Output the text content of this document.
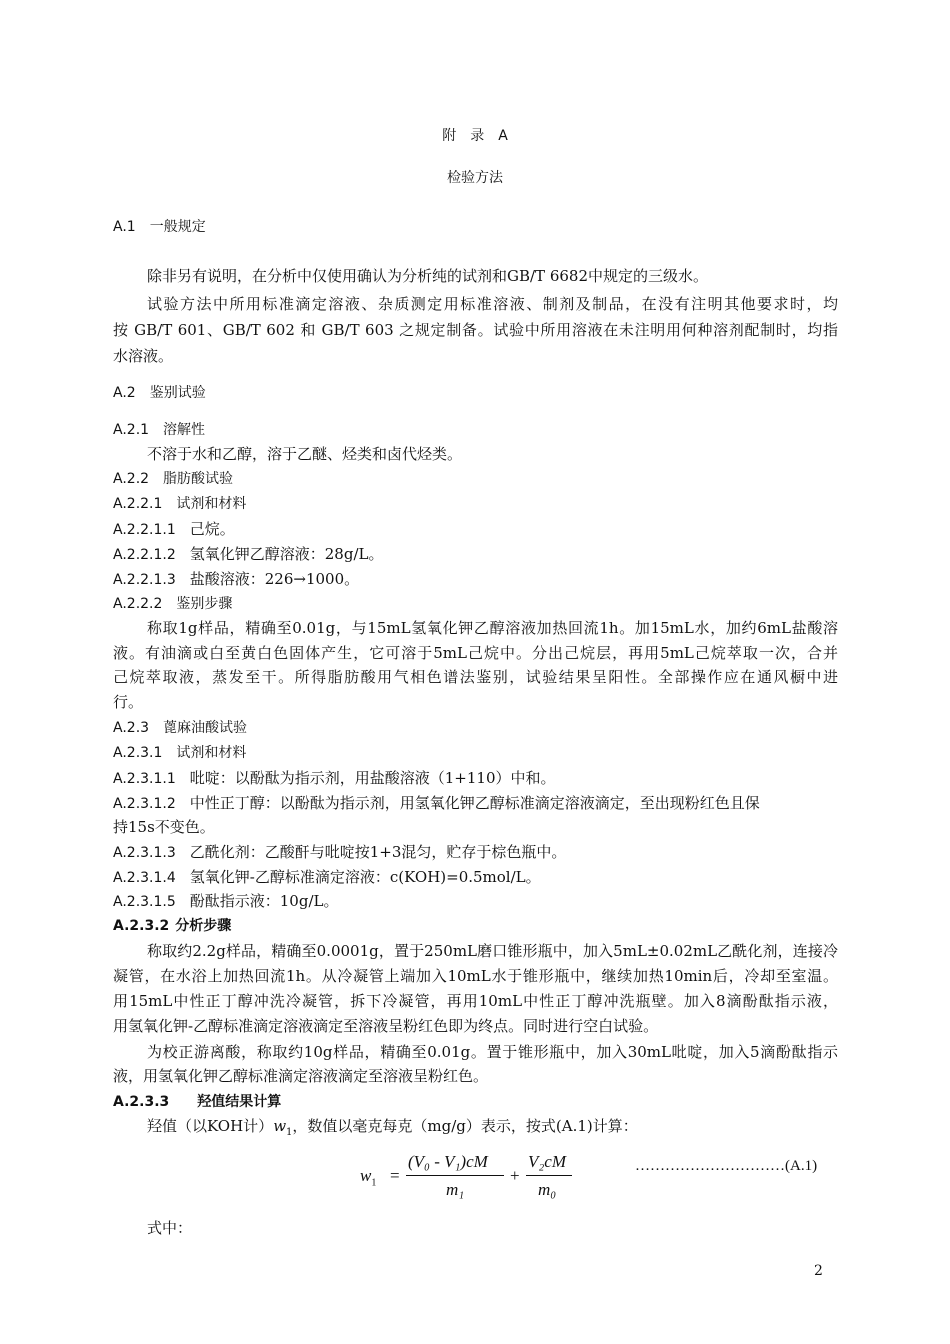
附　录　A
检验方法
A.1 一般规定
除非另有说明，在分析中仅使用确认为分析纯的试剂和GB/T 6682中规定的三级水。
试验方法中所用标准滴定溶液、杂质测定用标准溶液、制剂及制品，在没有注明其他要求时，均
按 GB/T 601、GB/T 602 和 GB/T 603 之规定制备。试验中所用溶液在未注明用何种溶剂配制时，均指
水溶液。
A.2 鉴别试验
A.2.1 溶解性
不溶于水和乙醇，溶于乙醚、烃类和卤代烃类。
A.2.2 脂肪酸试验
A.2.2.1 试剂和材料
A.2.2.1.1 己烷。
A.2.2.1.2 氢氧化钾乙醇溶液：28g/L。
A.2.2.1.3 盐酸溶液：226→1000。
A.2.2.2 鉴别步骤
称取1g样品，精确至0.01g，与15mL氢氧化钾乙醇溶液加热回流1h。加15mL水，加约6mL盐酸溶
液。有油滴或白至黄白色固体产生，它可溶于5mL己烷中。分出己烷层，再用5mL己烷萃取一次，合并
己烷萃取液，蒸发至干。所得脂肪酸用气相色谱法鉴别，试验结果呈阳性。全部操作应在通风橱中进
行。
A.2.3 蓖麻油酸试验
A.2.3.1 试剂和材料
A.2.3.1.1 吡啶：以酚酞为指示剂，用盐酸溶液（1+110）中和。
A.2.3.1.2 中性正丁醇：以酚酞为指示剂，用氢氧化钾乙醇标准滴定溶液滴定，至出现粉红色且保
持15s不变色。
A.2.3.1.3 乙酰化剂：乙酸酐与吡啶按1+3混匀，贮存于棕色瓶中。
A.2.3.1.4 氢氧化钾-乙醇标准滴定溶液：c(KOH)=0.5mol/L。
A.2.3.1.5 酚酞指示液：10g/L。
A.2.3.2 分析步骤
称取约2.2g样品，精确至0.0001g，置于250mL磨口锥形瓶中，加入5mL±0.02mL乙酰化剂，连接冷
凝管，在水浴上加热回流1h。从冷凝管上端加入10mL水于锥形瓶中，继续加热10min后，冷却至室温。
用15mL中性正丁醇冲洗冷凝管，拆下冷凝管，再用10mL中性正丁醇冲洗瓶壁。加入8滴酚酞指示液，
用氢氧化钾-乙醇标准滴定溶液滴定至溶液呈粉红色即为终点。同时进行空白试验。
为校正游离酸，称取约10g样品，精确至0.01g。置于锥形瓶中，加入30mL吡啶，加入5滴酚酞指示
液，用氢氧化钾乙醇标准滴定溶液滴定至溶液呈粉红色。
A.2.3.3 羟值结果计算
羟值（以KOH计）$w_1$，数值以毫克每克（mg/g）表示，按式(A.1)计算：
$w_1$ =
(V₀ - V₁)cM
m₁
+
V₂cM
m₀
…………………………(A.1)
式中：
2
